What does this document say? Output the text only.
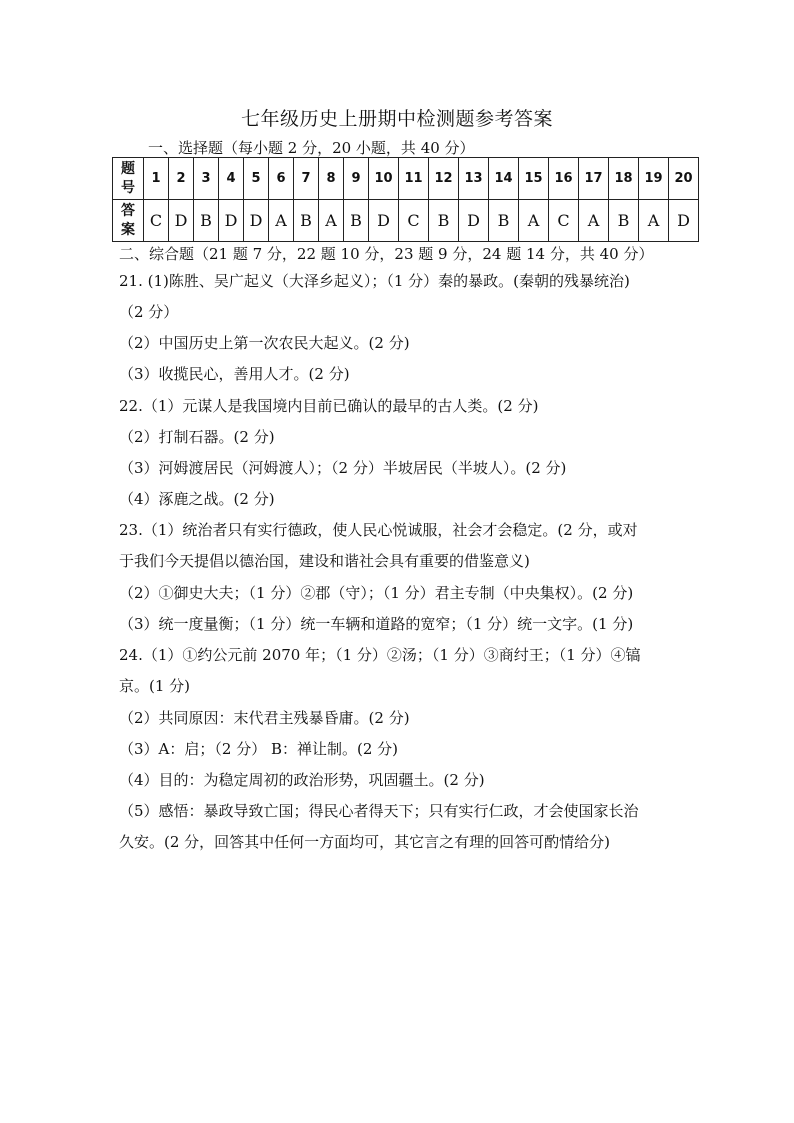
七年级历史上册期中检测题参考答案
一、选择题（每小题 2 分，20 小题，共 40 分）
题
号	1	2	3	4	5	6	7	8	9	10	11	12	13	14	15	16	17	18	19	20
答
案	C	D	B	D	D	A	B	A	B	D	C	B	D	B	A	C	A	B	A	D
二、综合题（21 题 7 分，22 题 10 分，23 题 9 分，24 题 14 分，共 40 分）
21. (1)陈胜、吴广起义（大泽乡起义）；（1 分）秦的暴政。(秦朝的残暴统治)
（2 分）
（2）中国历史上第一次农民大起义。(2 分)
（3）收揽民心，善用人才。(2 分)
22.（1）元谋人是我国境内目前已确认的最早的古人类。(2 分)
（2）打制石器。(2 分)
（3）河姆渡居民（河姆渡人）；（2 分）半坡居民（半坡人）。(2 分)
（4）涿鹿之战。(2 分)
23.（1）统治者只有实行德政，使人民心悦诚服，社会才会稳定。(2 分，或对
于我们今天提倡以德治国，建设和谐社会具有重要的借鉴意义)
（2）①御史大夫；（1 分）②郡（守）；（1 分）君主专制（中央集权）。(2 分)
（3）统一度量衡；（1 分）统一车辆和道路的宽窄；（1 分）统一文字。(1 分)
24.（1）①约公元前 2070 年；（1 分）②汤；（1 分）③商纣王；（1 分）④镐
京。(1 分)
（2）共同原因：末代君主残暴昏庸。(2 分)
（3）A：启；（2 分） B：禅让制。(2 分)
（4）目的：为稳定周初的政治形势，巩固疆土。(2 分)
（5）感悟：暴政导致亡国；得民心者得天下；只有实行仁政，才会使国家长治
久安。(2 分，回答其中任何一方面均可，其它言之有理的回答可酌情给分)
